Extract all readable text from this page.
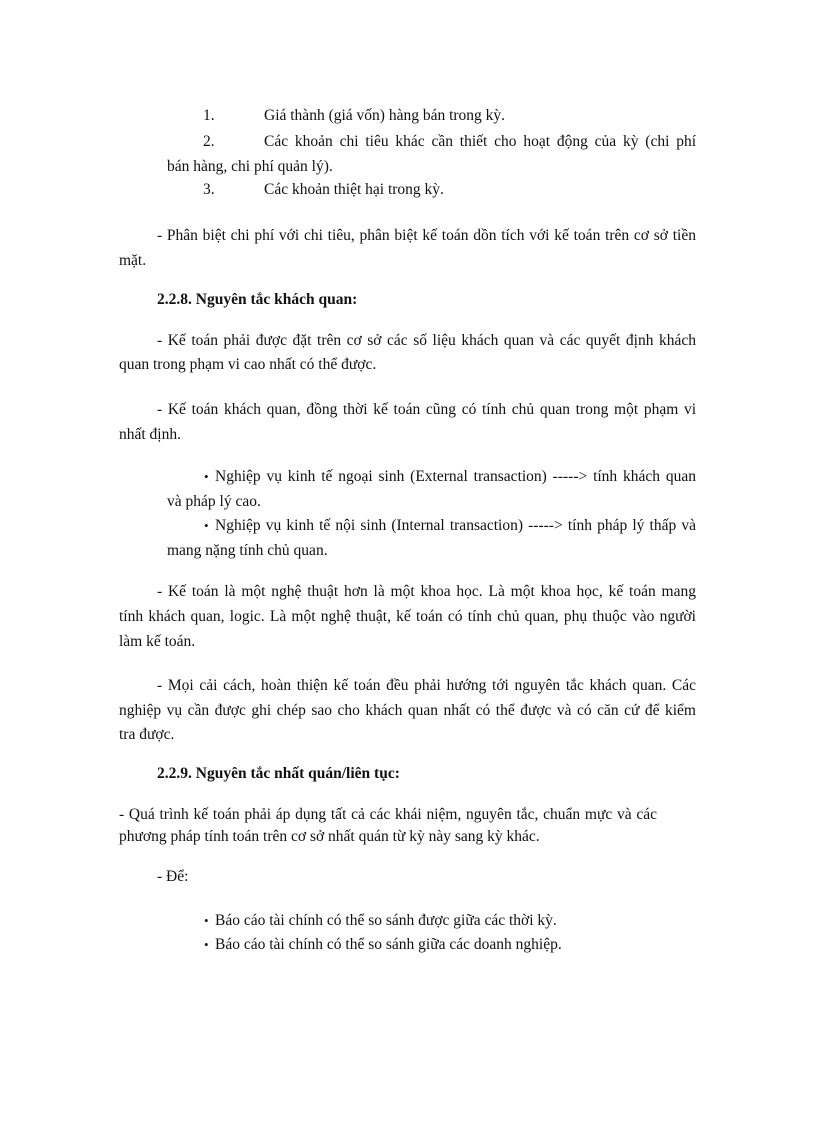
1.	Giá thành (giá vốn) hàng bán trong kỳ.
2.	Các khoản chi tiêu khác cần thiết cho hoạt động của kỳ (chi phí
bán hàng, chi phí quản lý).
3.	Các khoản thiệt hại trong kỳ.
- Phân biệt chi phí với chi tiêu, phân biệt kế toán dồn tích với kế toán trên cơ sở tiền
mặt.
2.2.8. Nguyên tắc khách quan:
- Kế toán phải được đặt trên cơ sở các số liệu khách quan và các quyết định khách
quan trong phạm vi cao nhất có thể được.
- Kế toán khách quan, đồng thời kế toán cũng có tính chủ quan trong một phạm vi
nhất định.
• Nghiệp vụ kinh tế ngoại sinh (External transaction) -----> tính khách quan
và pháp lý cao.
• Nghiệp vụ kinh tế nội sinh (Internal transaction) -----> tính pháp lý thấp và
mang nặng tính chủ quan.
- Kế toán là một nghệ thuật hơn là một khoa học. Là một khoa học, kế toán mang
tính khách quan, logic. Là một nghệ thuật, kế toán có tính chủ quan, phụ thuộc vào người
làm kế toán.
- Mọi cải cách, hoàn thiện kế toán đều phải hướng tới nguyên tắc khách quan. Các
nghiệp vụ cần được ghi chép sao cho khách quan nhất có thể được và có căn cứ để kiểm
tra được.
2.2.9. Nguyên tắc nhất quán/liên tục:
- Quá trình kế toán phải áp dụng tất cả các khái niệm, nguyên tắc, chuẩn mực và các
phương pháp tính toán trên cơ sở nhất quán từ kỳ này sang kỳ khác.
- Để:
• Báo cáo tài chính có thể so sánh được giữa các thời kỳ.
• Báo cáo tài chính có thể so sánh giữa các doanh nghiệp.
